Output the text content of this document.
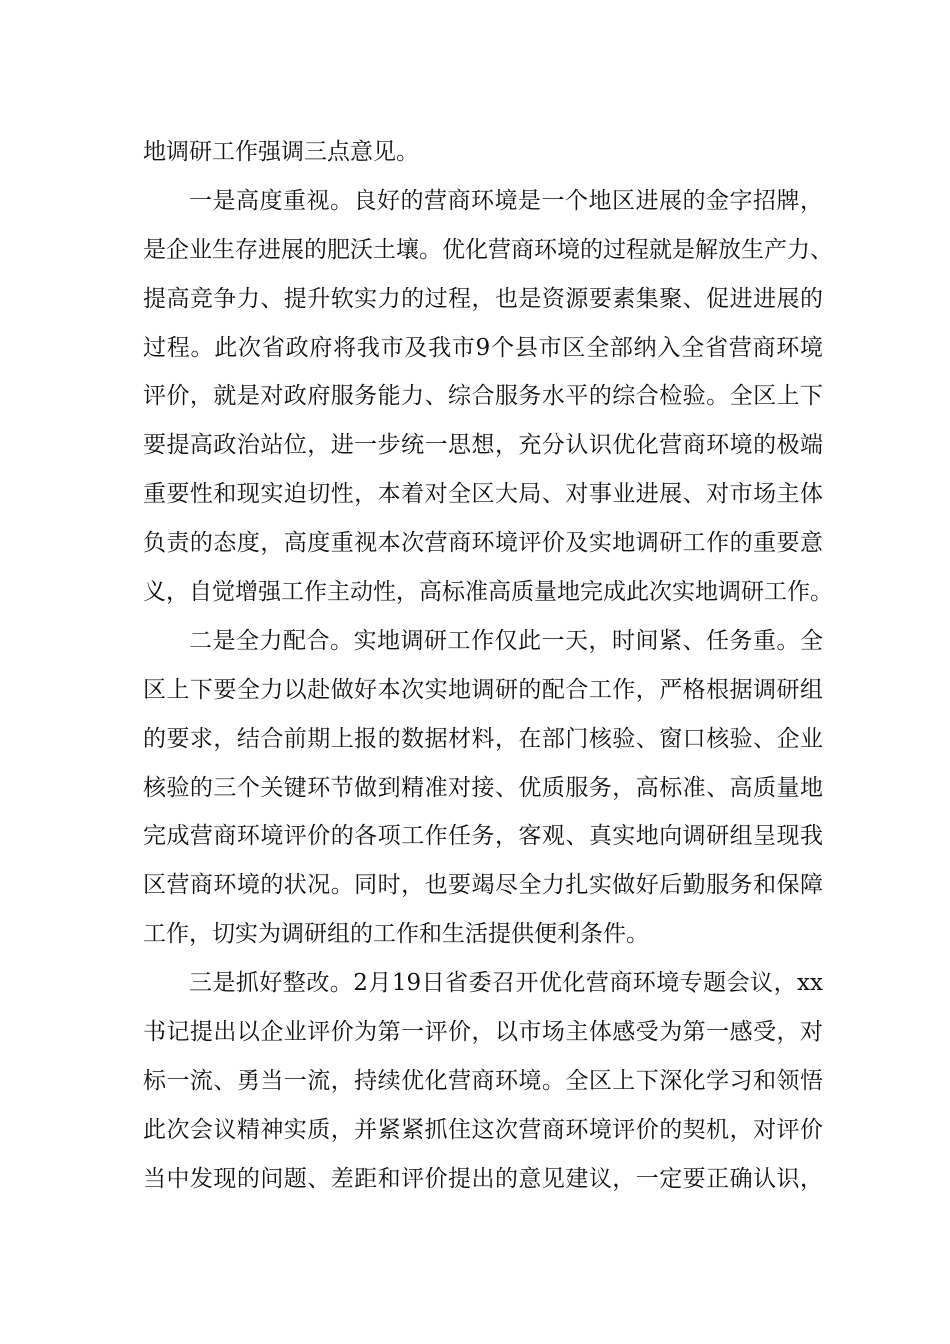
地调研工作强调三点意见。
一是高度重视。良好的营商环境是一个地区进展的金字招牌，
是企业生存进展的肥沃土壤。优化营商环境的过程就是解放生产力、
提高竞争力、提升软实力的过程，也是资源要素集聚、促进进展的
过程。此次省政府将我市及我市9个县市区全部纳入全省营商环境
评价，就是对政府服务能力、综合服务水平的综合检验。全区上下
要提高政治站位，进一步统一思想，充分认识优化营商环境的极端
重要性和现实迫切性，本着对全区大局、对事业进展、对市场主体
负责的态度，高度重视本次营商环境评价及实地调研工作的重要意
义，自觉增强工作主动性，高标准高质量地完成此次实地调研工作。
二是全力配合。实地调研工作仅此一天，时间紧、任务重。全
区上下要全力以赴做好本次实地调研的配合工作，严格根据调研组
的要求，结合前期上报的数据材料，在部门核验、窗口核验、企业
核验的三个关键环节做到精准对接、优质服务，高标准、高质量地
完成营商环境评价的各项工作任务，客观、真实地向调研组呈现我
区营商环境的状况。同时，也要竭尽全力扎实做好后勤服务和保障
工作，切实为调研组的工作和生活提供便利条件。
三是抓好整改。2月19日省委召开优化营商环境专题会议，xx
书记提出以企业评价为第一评价，以市场主体感受为第一感受，对
标一流、勇当一流，持续优化营商环境。全区上下深化学习和领悟
此次会议精神实质，并紧紧抓住这次营商环境评价的契机，对评价
当中发现的问题、差距和评价提出的意见建议，一定要正确认识，
